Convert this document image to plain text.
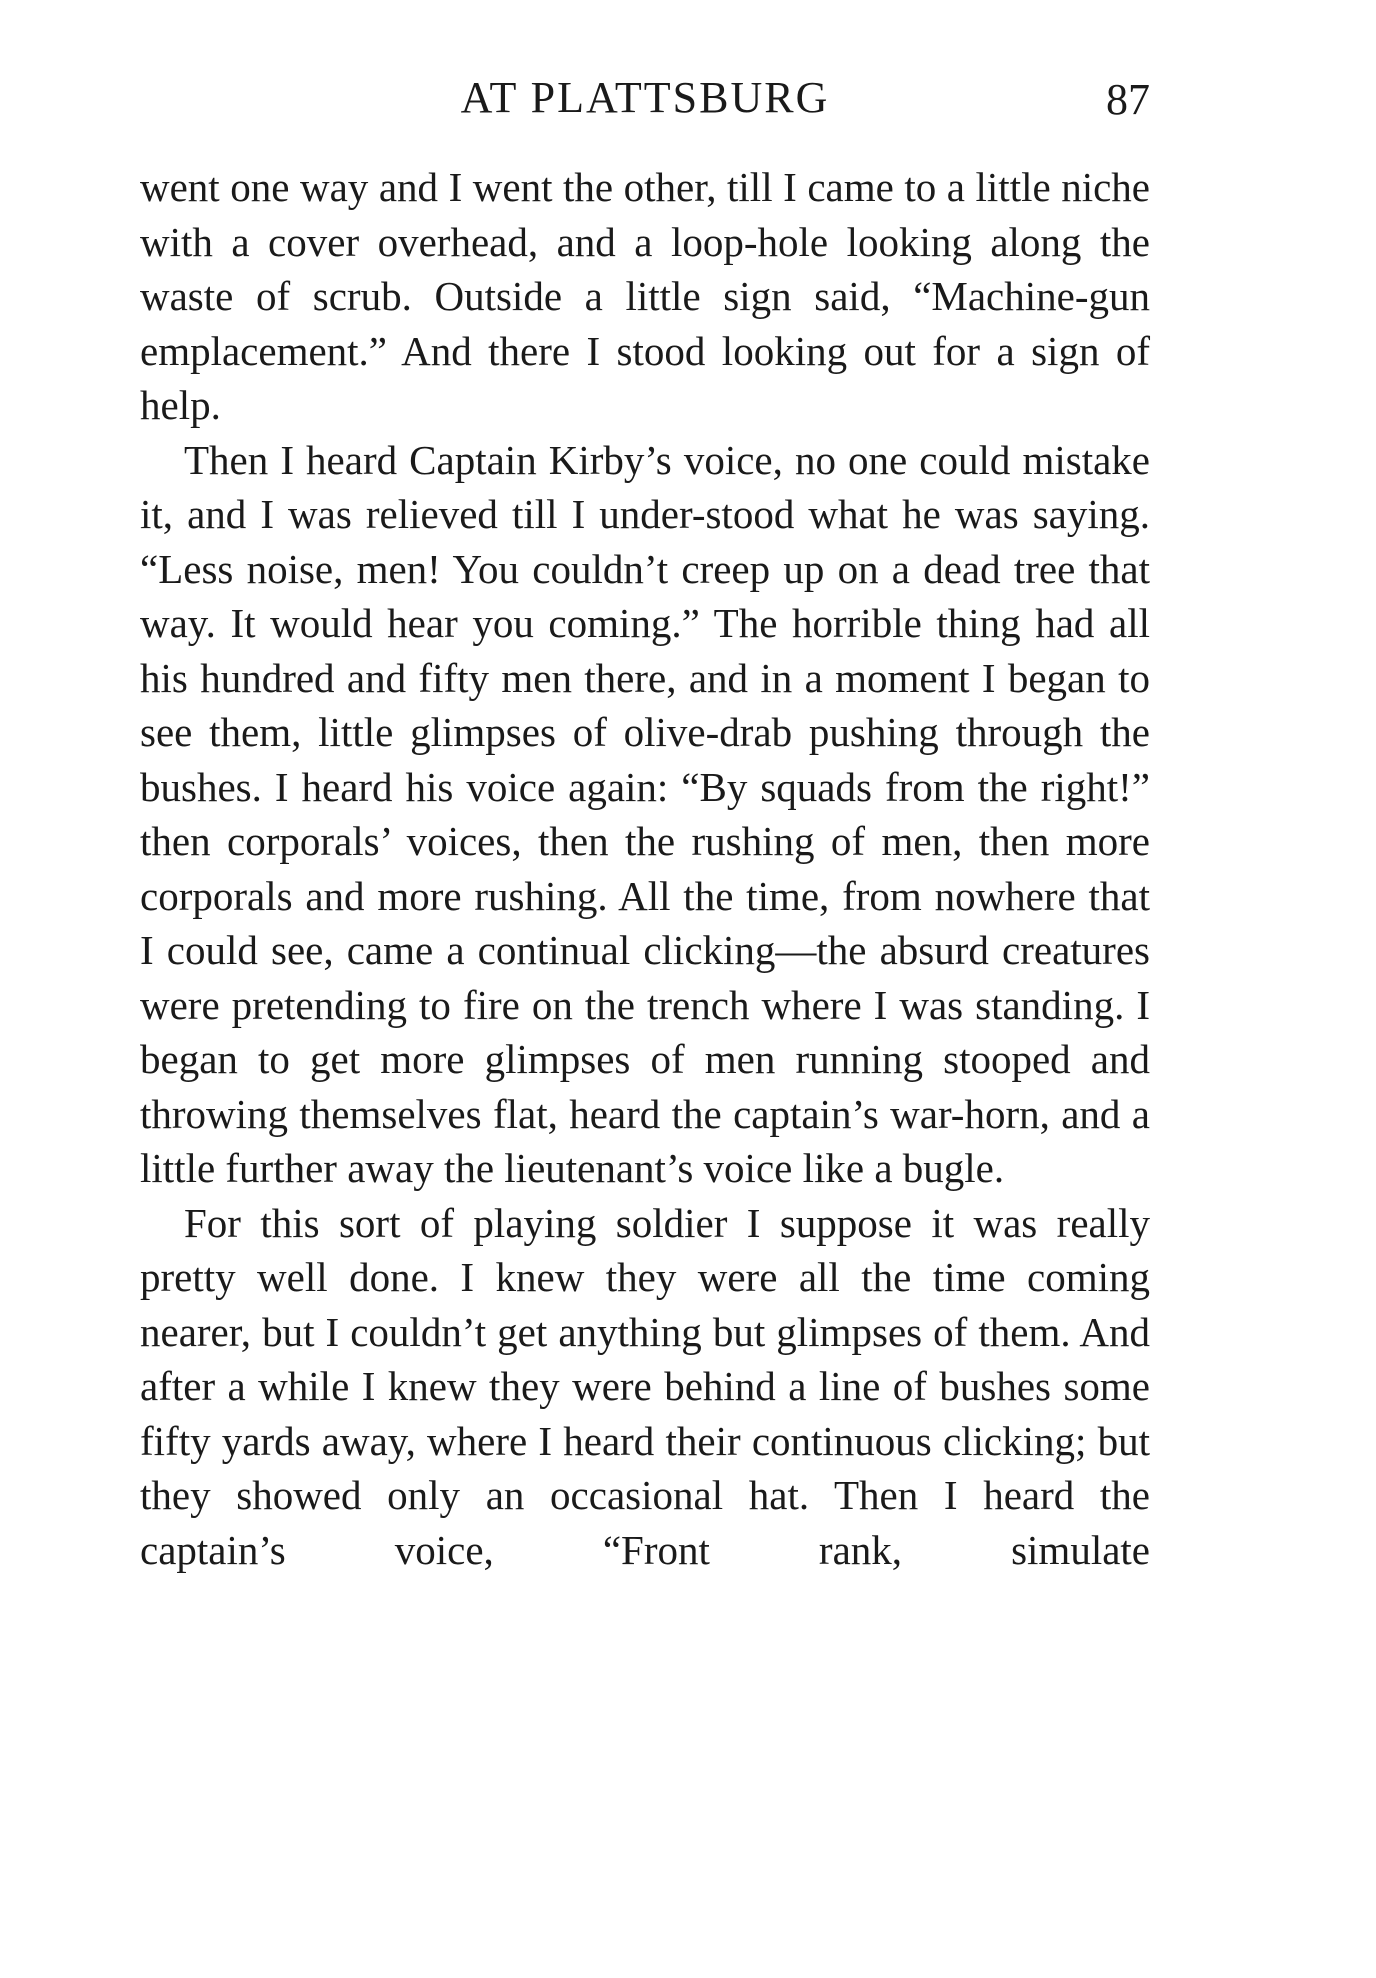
AT PLATTSBURG	87

went one way and I went the other, till I came to a little niche with a cover overhead, and a loop-hole looking along the waste of scrub. Outside a little sign said, “Machine-gun emplacement.” And there I stood looking out for a sign of help.

Then I heard Captain Kirby’s voice, no one could mistake it, and I was relieved till I under-stood what he was saying. “Less noise, men! You couldn’t creep up on a dead tree that way. It would hear you coming.” The horrible thing had all his hundred and fifty men there, and in a moment I began to see them, little glimpses of olive-drab pushing through the bushes. I heard his voice again: “By squads from the right!” then corporals’ voices, then the rushing of men, then more corporals and more rushing. All the time, from nowhere that I could see, came a continual clicking—the absurd creatures were pretending to fire on the trench where I was standing. I began to get more glimpses of men running stooped and throwing themselves flat, heard the captain’s war-horn, and a little further away the lieutenant’s voice like a bugle.

For this sort of playing soldier I suppose it was really pretty well done. I knew they were all the time coming nearer, but I couldn’t get anything but glimpses of them. And after a while I knew they were behind a line of bushes some fifty yards away, where I heard their continuous clicking; but they showed only an occasional hat. Then I heard the captain’s voice, “Front rank, simulate
